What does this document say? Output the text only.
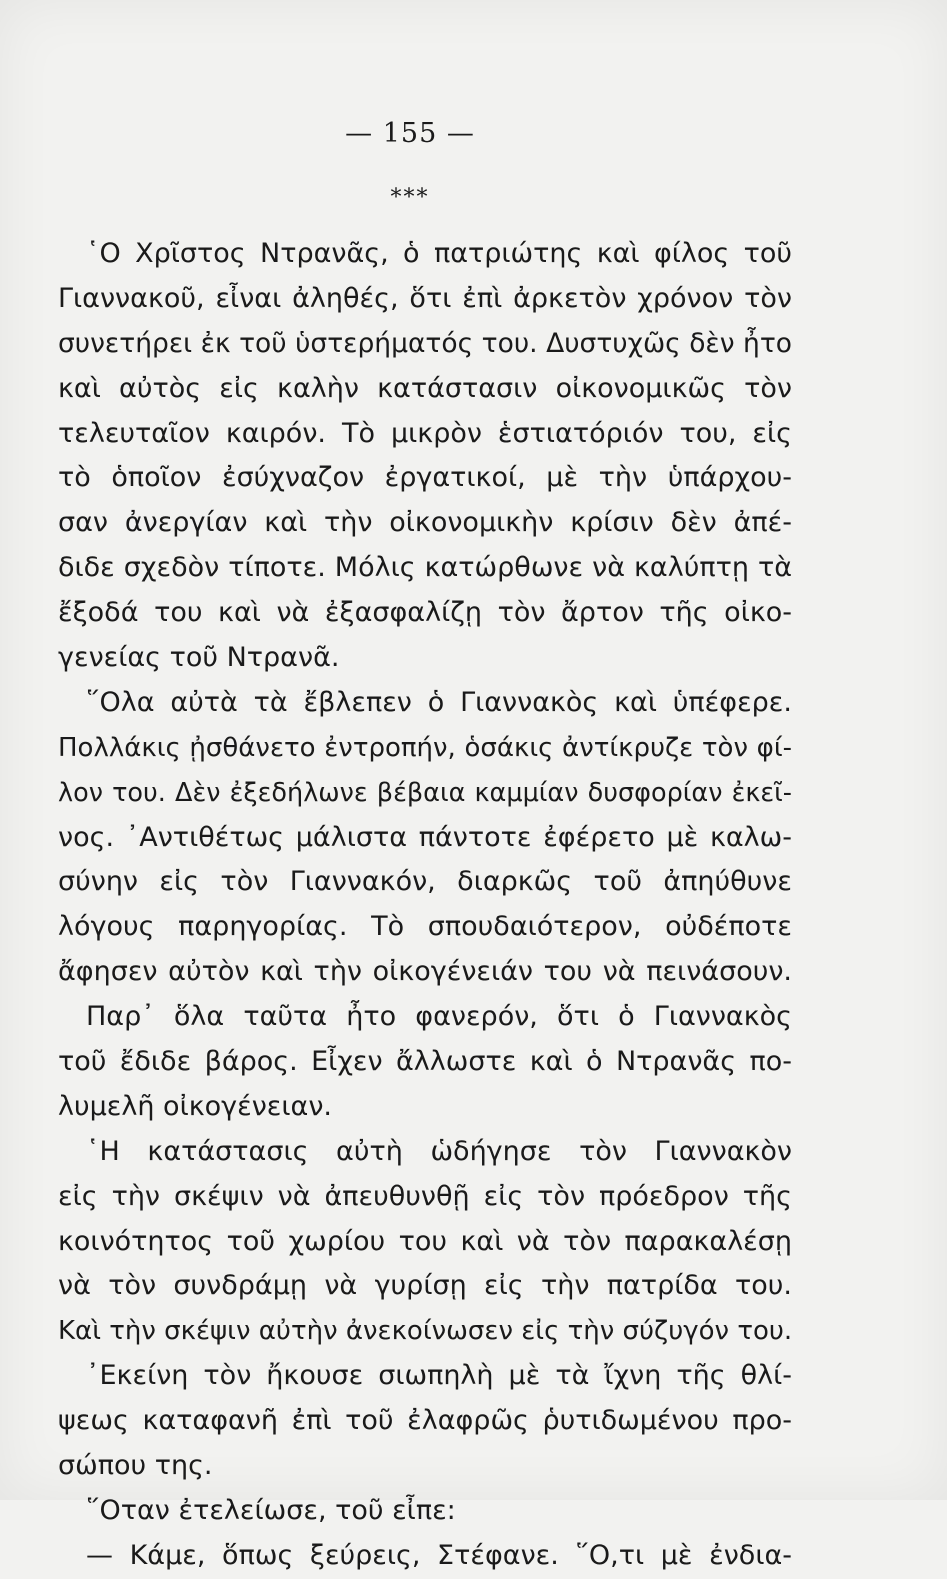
— 155 —
⁎⁎⁎
῾Ο Χρῖστος Ντρανᾶς, ὁ πατριώτης καὶ φίλος τοῦ
Γιαννακοῦ, εἶναι ἀληθές, ὅτι ἐπὶ ἀρκετὸν χρόνον τὸν
συνετήρει ἐκ τοῦ ὑστερήματός του. Δυστυχῶς δὲν ἦτο
καὶ αὐτὸς εἰς καλὴν κατάστασιν οἰκονομικῶς τὸν
τελευταῖον καιρόν. Τὸ μικρὸν ἑστιατόριόν του, εἰς
τὸ ὁποῖον ἐσύχναζον ἐργατικοί, μὲ τὴν ὑπάρχου-
σαν ἀνεργίαν καὶ τὴν οἰκονομικὴν κρίσιν δὲν ἀπέ-
διδε σχεδὸν τίποτε. Μόλις κατώρθωνε νὰ καλύπτῃ τὰ
ἔξοδά του καὶ νὰ ἐξασφαλίζῃ τὸν ἄρτον τῆς οἰκο-
γενείας τοῦ Ντρανᾶ.
῞Ολα αὐτὰ τὰ ἔβλεπεν ὁ Γιαννακὸς καὶ ὑπέφερε.
Πολλάκις ᾐσθάνετο ἐντροπήν, ὁσάκις ἀντίκρυζε τὸν φί-
λον του. Δὲν ἐξεδήλωνε βέβαια καμμίαν δυσφορίαν ἐκεῖ-
νος. ᾿Αντιθέτως μάλιστα πάντοτε ἐφέρετο μὲ καλω-
σύνην εἰς τὸν Γιαννακόν, διαρκῶς τοῦ ἀπηύθυνε
λόγους παρηγορίας. Τὸ σπουδαιότερον, οὐδέποτε
ἄφησεν αὐτὸν καὶ τὴν οἰκογένειάν του νὰ πεινάσουν.
Παρ᾿ ὅλα ταῦτα ἦτο φανερόν, ὅτι ὁ Γιαννακὸς
τοῦ ἔδιδε βάρος. Εἶχεν ἄλλωστε καὶ ὁ Ντρανᾶς πο-
λυμελῆ οἰκογένειαν.
῾Η κατάστασις αὐτὴ ὡδήγησε τὸν Γιαννακὸν
εἰς τὴν σκέψιν νὰ ἀπευθυνθῇ εἰς τὸν πρόεδρον τῆς
κοινότητος τοῦ χωρίου του καὶ νὰ τὸν παρακαλέσῃ
νὰ τὸν συνδράμῃ νὰ γυρίσῃ εἰς τὴν πατρίδα του.
Καὶ τὴν σκέψιν αὐτὴν ἀνεκοίνωσεν εἰς τὴν σύζυγόν του.
᾿Εκείνη τὸν ἤκουσε σιωπηλὴ μὲ τὰ ἴχνη τῆς θλί-
ψεως καταφανῆ ἐπὶ τοῦ ἐλαφρῶς ῥυτιδωμένου προ-
σώπου της.
῞Οταν ἐτελείωσε, τοῦ εἶπε:
— Κάμε, ὅπως ξεύρεις, Στέφανε. ῞Ο,τι μὲ ἐνδια-
